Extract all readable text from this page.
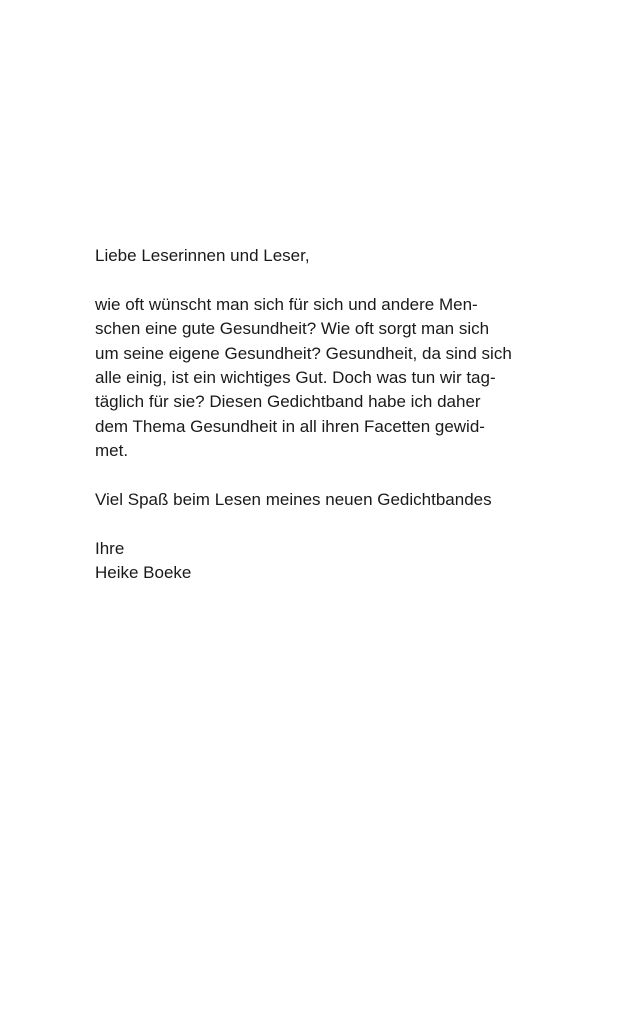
Liebe Leserinnen und Leser,
wie oft wünscht man sich für sich und andere Men-
schen eine gute Gesundheit? Wie oft sorgt man sich
um seine eigene Gesundheit? Gesundheit, da sind sich
alle einig, ist ein wichtiges Gut. Doch was tun wir tag-
täglich für sie? Diesen Gedichtband habe ich daher
dem Thema Gesundheit in all ihren Facetten gewid-
met.
Viel Spaß beim Lesen meines neuen Gedichtbandes
Ihre
Heike Boeke
